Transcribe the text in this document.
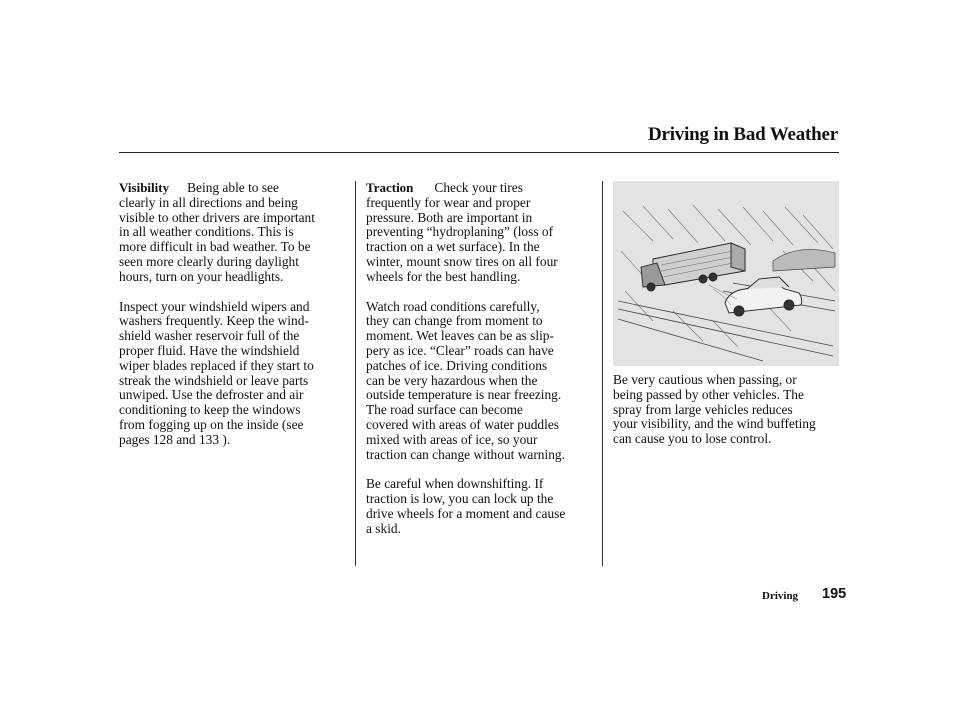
Driving in Bad Weather

Visibility Being able to see
clearly in all directions and being
visible to other drivers are important
in all weather conditions. This is
more difficult in bad weather. To be
seen more clearly during daylight
hours, turn on your headlights.

Inspect your windshield wipers and
washers frequently. Keep the wind-
shield washer reservoir full of the
proper fluid. Have the windshield
wiper blades replaced if they start to
streak the windshield or leave parts
unwiped. Use the defroster and air
conditioning to keep the windows
from fogging up on the inside (see
pages 128 and 133 ).

Traction Check your tires
frequently for wear and proper
pressure. Both are important in
preventing “hydroplaning” (loss of
traction on a wet surface). In the
winter, mount snow tires on all four
wheels for the best handling.

Watch road conditions carefully,
they can change from moment to
moment. Wet leaves can be as slip-
pery as ice. “Clear” roads can have
patches of ice. Driving conditions
can be very hazardous when the
outside temperature is near freezing.
The road surface can become
covered with areas of water puddles
mixed with areas of ice, so your
traction can change without warning.

Be careful when downshifting. If
traction is low, you can lock up the
drive wheels for a moment and cause
a skid.

Be very cautious when passing, or
being passed by other vehicles. The
spray from large vehicles reduces
your visibility, and the wind buffeting
can cause you to lose control.

Driving 195
